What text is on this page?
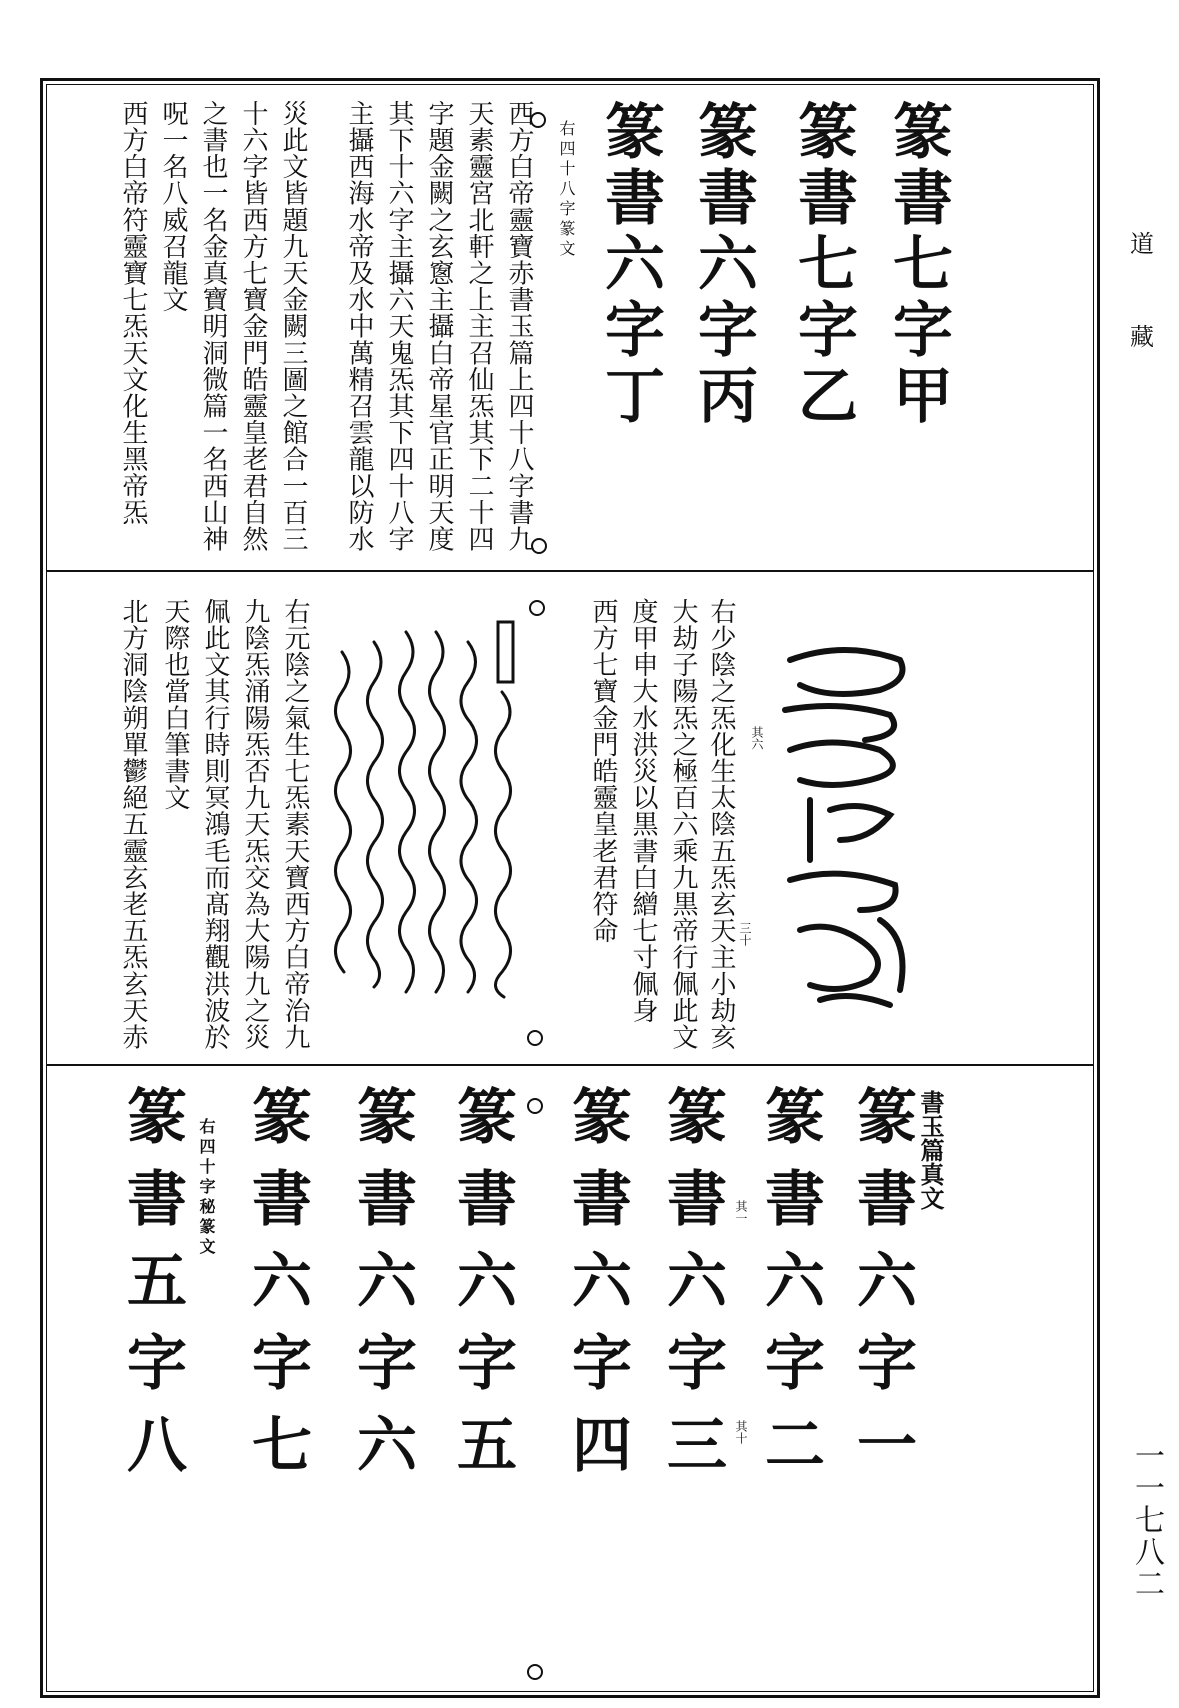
道
藏
一一七八二
篆書七字甲
篆書七字乙
篆書六字丙
篆書六字丁
右四十八字篆文
西方白帝靈寶赤書玉篇上四十八字書九
天素靈宮北軒之上主召仙炁其下二十四
字題金闕之玄窻主攝白帝星官正明天度
其下十六字主攝六天鬼炁其下四十八字
主攝西海水帝及水中萬精召雲龍以防水
災此文皆題九天金闕三圖之館合一百三
十六字皆西方七寶金門皓靈皇老君自然
之書也一名金真寶明洞微篇一名西山神
呪一名八威召龍文
西方白帝符靈寶七炁天文化生黑帝炁
其六
右少陰之炁化生太陰五炁玄天主小劫亥 三十
大劫子陽炁之極百六乘九黒帝行佩此文
度甲申大水洪災以黒書白繒七寸佩身
西方七寶金門皓靈皇老君符命
右元陰之氣生七炁素天寶西方白帝治九
九陰炁涌陽炁否九天炁交為大陽九之災
佩此文其行時則冥鴻毛而髙翔觀洪波於
天際也當白筆書文
北方洞陰朔單鬱絕五靈玄老五炁玄天赤
書玉篇真文
篆書六字一
篆書六字二
其一
其十
篆書六字三
篆書六字四
篆書六字五
篆書六字六
篆書六字七
右四十字秘篆文
篆書五字八
